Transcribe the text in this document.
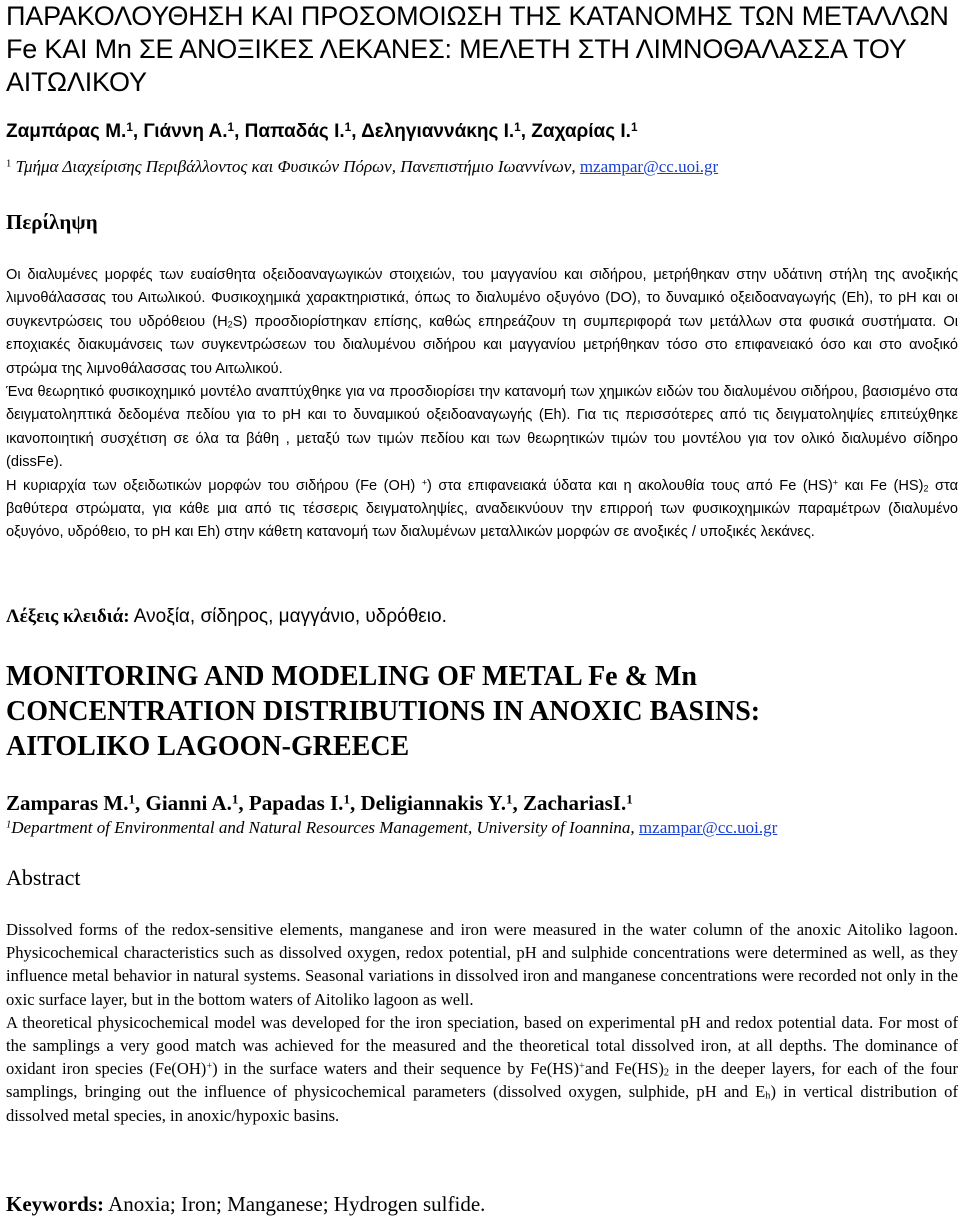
ΠΑΡΑΚΟΛΟΥΘΗΣΗ ΚΑΙ ΠΡΟΣΟΜΟΙΩΣΗ ΤΗΣ ΚΑΤΑΝΟΜΗΣ ΤΩΝ ΜΕΤΑΛΛΩΝ Fe ΚΑΙ Mn ΣΕ ΑΝΟΞΙΚΕΣ ΛΕΚΑΝΕΣ: ΜΕΛΕΤΗ ΣΤΗ ΛΙΜΝΟΘΑΛΑΣΣΑ ΤΟΥ ΑΙΤΩΛΙΚΟΥ
Ζαμπάρας Μ.$^1$, Γιάννη Α.$^1$, Παπαδάς Ι.$^1$, Δεληγιαννάκης Ι.$^1$, Ζαχαρίας Ι.$^1$
$^1$ Τμήμα Διαχείρισης Περιβάλλοντος και Φυσικών Πόρων, Πανεπιστήμιο Ιωαννίνων, mzampar@cc.uoi.gr
Περίληψη

Οι διαλυμένες μορφές των ευαίσθητα οξειδοαναγωγικών στοιχειών, του μαγγανίου και σιδήρου, μετρήθηκαν στην υδάτινη στήλη της ανοξικής λιμνοθάλασσας του Αιτωλικού. Φυσικοχημικά χαρακτηριστικά, όπως το διαλυμένο οξυγόνο (DO), το δυναμικό οξειδοαναγωγής (Eh), το pH και οι συγκεντρώσεις του υδρόθειου $(H_2S)$ προσδιορίστηκαν επίσης, καθώς επηρεάζουν τη συμπεριφορά των μετάλλων στα φυσικά συστήματα. Οι εποχιακές διακυμάνσεις των συγκεντρώσεων του διαλυμένου σιδήρου και μαγγανίου μετρήθηκαν τόσο στο επιφανειακό όσο και στο ανοξικό στρώμα της λιμνοθάλασσας του Αιτωλικού.

Ένα θεωρητικό φυσικοχημικό μοντέλο αναπτύχθηκε για να προσδιορίσει την κατανομή των χημικών ειδών του διαλυμένου σιδήρου, βασισμένο στα δειγματοληπτικά δεδομένα πεδίου για το pH και το δυναμικού οξειδοαναγωγής (Eh). Για τις περισσότερες από τις δειγματοληψίες επιτεύχθηκε ικανοποιητική συσχέτιση σε όλα τα βάθη , μεταξύ των τιμών πεδίου και των θεωρητικών τιμών του μοντέλου για τον ολικό διαλυμένο σίδηρο (dissFe).

Η κυριαρχία των οξειδωτικών μορφών του σιδήρου (Fe (OH) +) στα επιφανειακά ύδατα και η ακολουθία τους από Fe (HS)+ και Fe $(HS)_2$ στα βαθύτερα στρώματα, για κάθε μια από τις τέσσερις δειγματοληψίες, αναδεικνύουν την επιρροή των φυσικοχημικών παραμέτρων (διαλυμένο οξυγόνο, υδρόθειο, το pH και Eh) στην κάθετη κατανομή των διαλυμένων μεταλλικών μορφών σε ανοξικές / υποξικές λεκάνες.

Λέξεις κλειδιά: Ανοξία, σίδηρος, μαγγάνιο, υδρόθειο.
MONITORING AND MODELING OF METAL Fe & Mn
CONCENTRATION DISTRIBUTIONS IN ANOXIC BASINS:
AITOLIKO LAGOON-GREECE
Zamparas M.$^1$, Gianni A.$^1$, Papadas I.$^1$, Deligiannakis Y.$^1$, ZachariasI.$^1$
$^1$Department of Environmental and Natural Resources Management, University of Ioannina, mzampar@cc.uoi.gr
Abstract

Dissolved forms of the redox-sensitive elements, manganese and iron were measured in the water column of the anoxic Aitoliko lagoon. Physicochemical characteristics such as dissolved oxygen, redox potential, pH and sulphide concentrations were determined as well, as they influence metal behavior in natural systems. Seasonal variations in dissolved iron and manganese concentrations were recorded not only in the oxic surface layer, but in the bottom waters of Aitoliko lagoon as well.

A theoretical physicochemical model was developed for the iron speciation, based on experimental pH and redox potential data. For most of the samplings a very good match was achieved for the measured and the theoretical total dissolved iron, at all depths. The dominance of oxidant iron species (Fe(OH)+) in the surface waters and their sequence by Fe(HS)+and $Fe(HS)_2$ in the deeper layers, for each of the four samplings, bringing out the influence of physicochemical parameters (dissolved oxygen, sulphide, pH and $E_h$) in vertical distribution of dissolved metal species, in anoxic/hypoxic basins.

Keywords: Anoxia; Iron; Manganese; Hydrogen sulfide.
